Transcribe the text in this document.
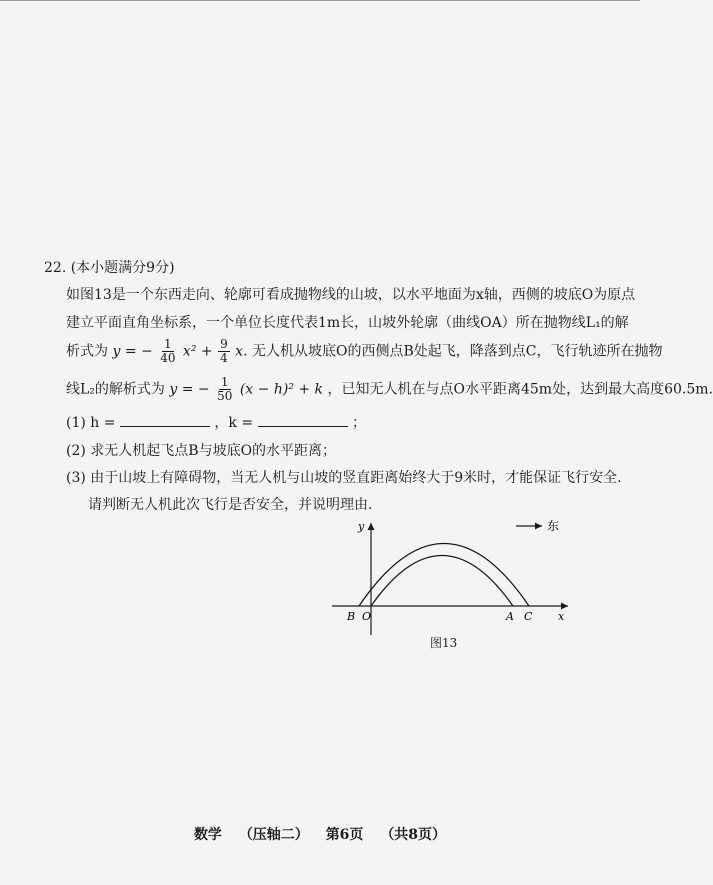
22. (本小题满分9分)
如图13是一个东西走向、轮廓可看成抛物线的山坡，以水平地面为x轴，西侧的坡底O为原点
建立平面直角坐标系，一个单位长度代表1m长，山坡外轮廓（曲线OA）所在抛物线L₁的解
析式为 y = − $\frac{1}{40} x^2 + \frac{9}{4} x$. 无人机从坡底O的西侧点B处起飞，降落到点C，飞行轨迹所在抛物
线L₂的解析式为 y = − $\frac{1}{50} (x - h)^2 + k$ ，已知无人机在与点O水平距离45m处，达到最大高度60.5m.
(1) h =	，k =	；
(2) 求无人机起飞点B与坡底O的水平距离；
(3) 由于山坡上有障碍物，当无人机与山坡的竖直距离始终大于9米时，才能保证飞行安全.
请判断无人机此次飞行是否安全，并说明理由.
东
y
x
B O	A C
图13
数学 （压轴二） 第6页 （共8页）
